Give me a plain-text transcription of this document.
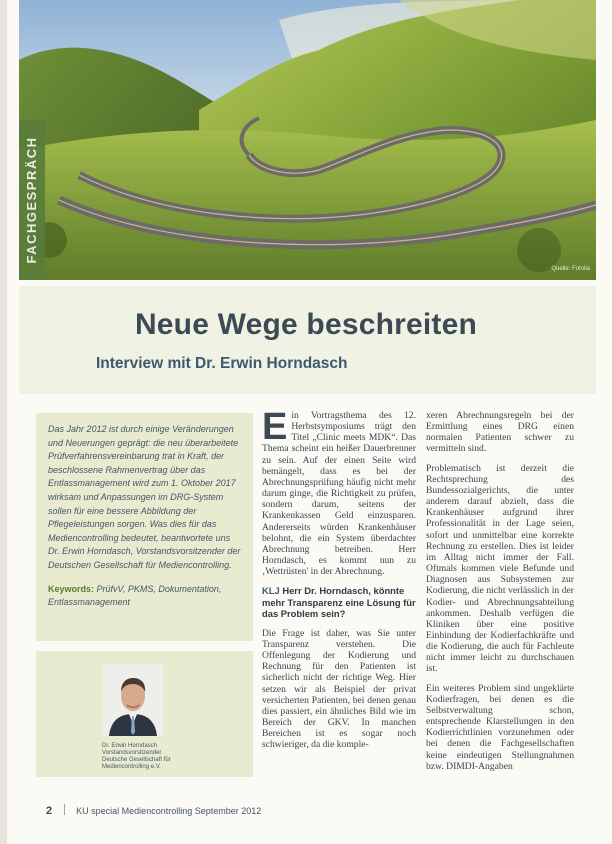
Quelle: Fotolia
FACHGESPRÄCH
Neue Wege beschreiten
Interview mit Dr. Erwin Horndasch

Das Jahr 2012 ist durch einige Veränderungen und Neuerungen geprägt: die neu überarbeitete Prüfverfahrensvereinbarung trat in Kraft, der beschlossene Rahmenvertrag über das Entlassmanagement wird zum 1. Oktober 2017 wirksam und Anpassungen im DRG-System sollen für eine bessere Abbildung der Pflegeleistungen sorgen. Was dies für das Mediencontrolling bedeutet, beantwortete uns Dr. Erwin Horndasch, Vorstandsvorsitzender der Deutschen Gesellschaft für Mediencontrolling.

Keywords: PrüfvV, PKMS, Dokumentation, Entlassmanagement
Dr. Erwin Horndasch
Vorstandsvorsitzender
Deutsche Gesellschaft für
Mediencontrolling e.V.

E in Vortragsthema des 12. Herbstsymposiums trägt den Titel „Clinic meets MDK“. Das Thema scheint ein heißer Dauerbrenner zu sein. Auf der einen Seite wird bemängelt, dass es bei der Abrechnungsprüfung häufig nicht mehr darum ginge, die Richtigkeit zu prüfen, sondern darum, seitens der Krankenkassen Geld einzusparen. Andererseits würden Krankenhäuser belohnt, die ein System überdachter Abrechnung betreiben. Herr Horndasch, es kommt nun zu ‚Wettrüsten' in der Abrechnung.

KLJ Herr Dr. Horndasch, könnte mehr Transparenz eine Lösung für das Problem sein?

Die Frage ist daher, was Sie unter Transparenz verstehen. Die Offenlegung der Kodierung und Rechnung für den Patienten ist sicherlich nicht der richtige Weg. Hier setzen wir als Beispiel der privat versicherten Patienten, bei denen genau dies passiert, ein ähnliches Bild wie im Bereich der GKV. In manchen Bereichen ist es sogar noch schwieriger, da die komple-

xeren Abrechnungsregeln bei der Ermittlung eines DRG einen normalen Patienten schwer zu vermitteln sind.

Problematisch ist derzeit die Rechtsprechung des Bundessozialgerichts, die unter anderem darauf abzielt, dass die Krankenhäuser aufgrund ihrer Professionalität in der Lage seien, sofort und unmittelbar eine korrekte Rechnung zu erstellen. Dies ist leider im Alltag nicht immer der Fall. Oftmals kommen viele Befunde und Diagnosen aus Subsystemen zur Kodierung, die nicht verlässlich in der Kodier- und Abrechnungsabteilung ankommen. Deshalb verfügen die Kliniken über eine positive Einbindung der Kodierfachkräfte und die Kodierung, die auch für Fachleute nicht immer leicht zu durchschauen ist.

Ein weiteres Problem sind ungeklärte Kodierfragen, bei denen es die Selbstverwaltung schon, entsprechende Klarstellungen in den Kodierrichtlinien vorzunehmen oder bei denen die Fachgesellschaften keine eindeutigen Stellungnahmen bzw. DIMDI-Angaben

2	KU special Mediencontrolling September 2012
